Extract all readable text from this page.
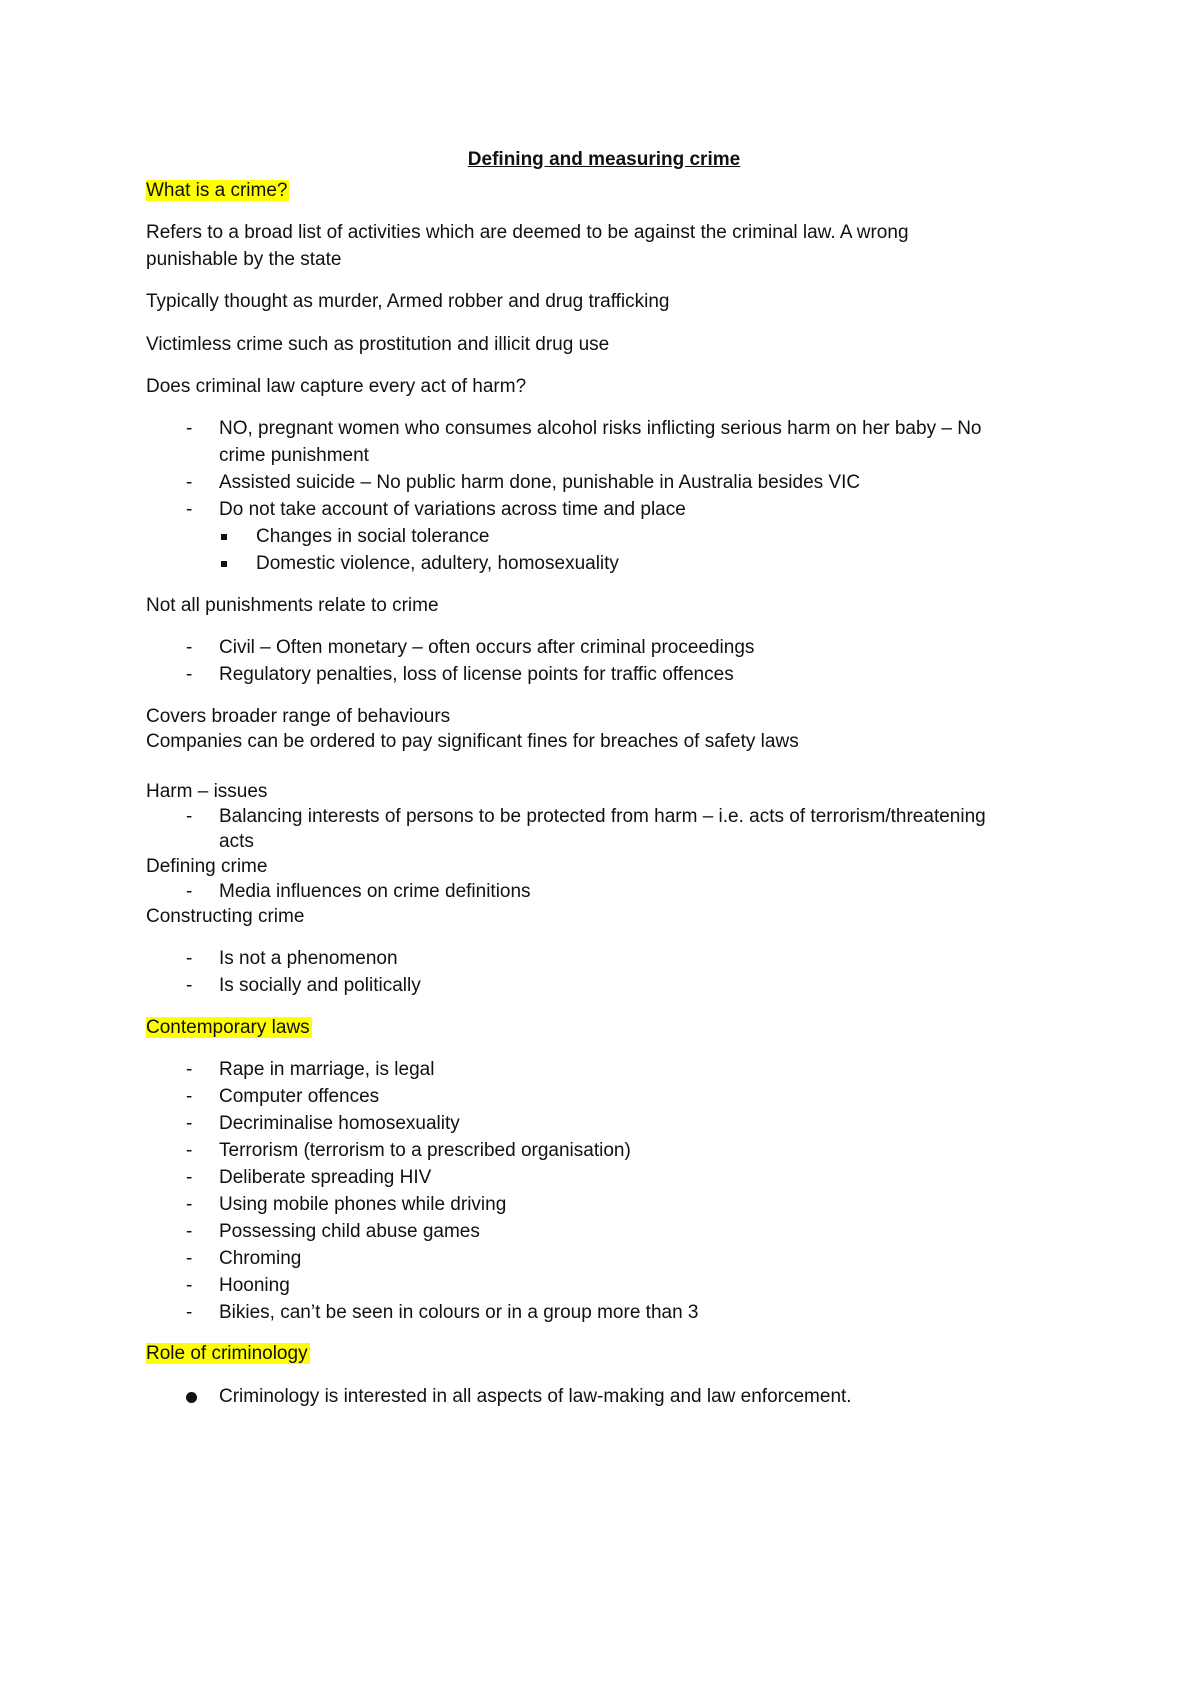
Defining and measuring crime
What is a crime?
Refers to a broad list of activities which are deemed to be against the criminal law. A wrong
punishable by the state
Typically thought as murder, Armed robber and drug trafficking
Victimless crime such as prostitution and illicit drug use
Does criminal law capture every act of harm?
-	NO, pregnant women who consumes alcohol risks inflicting serious harm on her baby – No
crime punishment
-	Assisted suicide – No public harm done, punishable in Australia besides VIC
-	Do not take account of variations across time and place
Changes in social tolerance
Domestic violence, adultery, homosexuality
Not all punishments relate to crime
-	Civil – Often monetary – often occurs after criminal proceedings
-	Regulatory penalties, loss of license points for traffic offences
Covers broader range of behaviours
Companies can be ordered to pay significant fines for breaches of safety laws
Harm – issues
-	Balancing interests of persons to be protected from harm – i.e. acts of terrorism/threatening
acts
Defining crime
-	Media influences on crime definitions
Constructing crime
-	Is not a phenomenon
-	Is socially and politically
Contemporary laws
-	Rape in marriage, is legal
-	Computer offences
-	Decriminalise homosexuality
-	Terrorism (terrorism to a prescribed organisation)
-	Deliberate spreading HIV
-	Using mobile phones while driving
-	Possessing child abuse games
-	Chroming
-	Hooning
-	Bikies, can’t be seen in colours or in a group more than 3
Role of criminology
Criminology is interested in all aspects of law-making and law enforcement.
